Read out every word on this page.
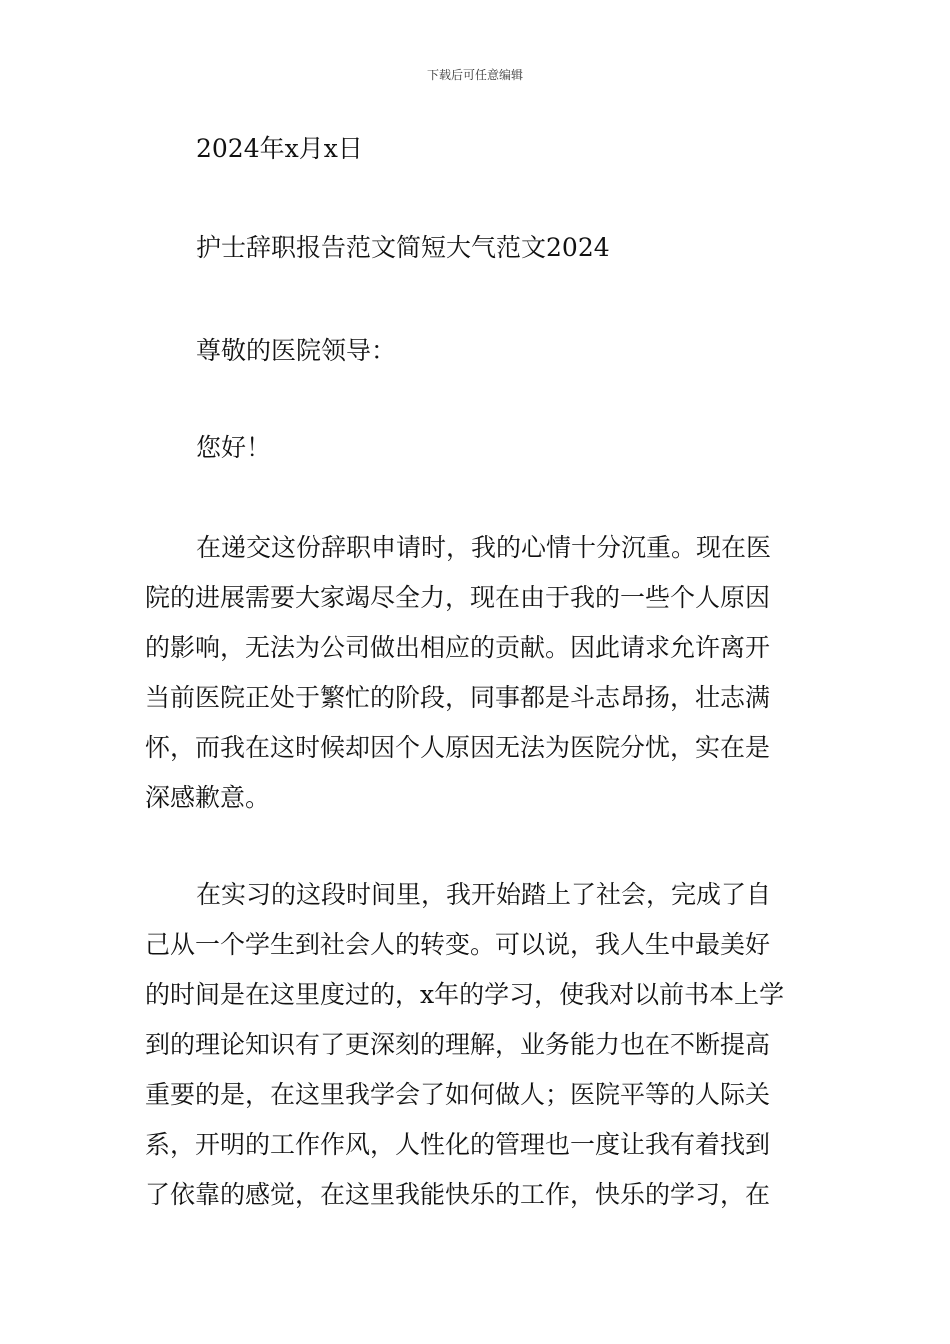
下载后可任意编辑
2024年x月x日
护士辞职报告范文简短大气范文2024
尊敬的医院领导：
您好！
在递交这份辞职申请时，我的心情十分沉重。现在医
院的进展需要大家竭尽全力，现在由于我的一些个人原因
的影响，无法为公司做出相应的贡献。因此请求允许离开
当前医院正处于繁忙的阶段，同事都是斗志昂扬，壮志满
怀，而我在这时候却因个人原因无法为医院分忧，实在是
深感歉意。
在实习的这段时间里，我开始踏上了社会，完成了自
己从一个学生到社会人的转变。可以说，我人生中最美好
的时间是在这里度过的，x年的学习，使我对以前书本上学
到的理论知识有了更深刻的理解，业务能力也在不断提高
重要的是，在这里我学会了如何做人；医院平等的人际关
系，开明的工作作风，人性化的管理也一度让我有着找到
了依靠的感觉，在这里我能快乐的工作，快乐的学习，在
